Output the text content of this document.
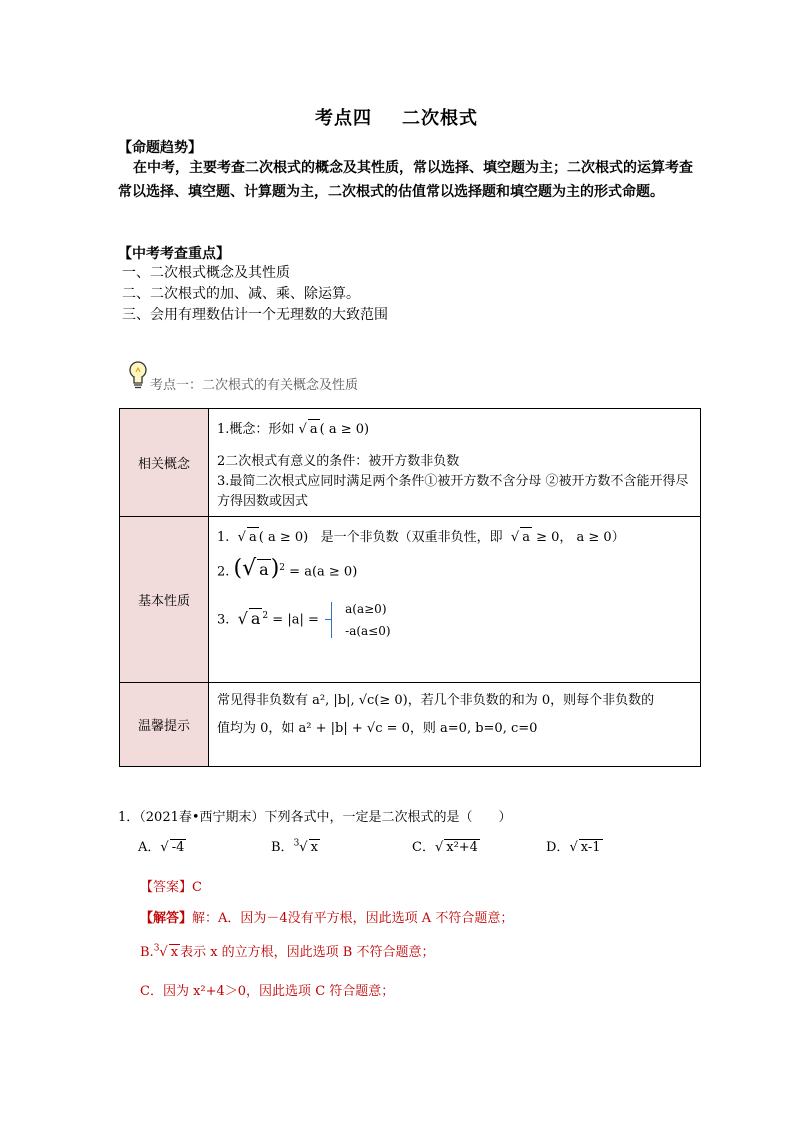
考点四 二次根式
【命题趋势】
在中考，主要考查二次根式的概念及其性质，常以选择、填空题为主；二次根式的运算考查常以选择、填空题、计算题为主，二次根式的估值常以选择题和填空题为主的形式命题。
【中考考查重点】
一、二次根式概念及其性质
二、二次根式的加、减、乘、除运算。
三、会用有理数估计一个无理数的大致范围
考点一：二次根式的有关概念及性质
相关概念	1.概念：形如 √ a ( a ≥ 0)
2二次根式有意义的条件：被开方数非负数
3.最简二次根式应同时满足两个条件①被开方数不含分母 ②被开方数不含能开得尽方得因数或因式

基本性质	1. √ a ( a ≥ 0) 是一个非负数（双重非负性，即 √ a ≥ 0， a ≥ 0）
2. (√ a)$^2$ = a(a ≥ 0)
3. √ a $^2$ = |a| =  a(a≥0)
-a(a≤0)

温馨提示	常见得非负数有 a², |b|, √c(≥ 0)，若几个非负数的和为 0，则每个非负数的
值均为 0，如 a² + |b| + √c = 0，则 a=0, b=0, c=0
1．（2021春•西宁期末）下列各式中，一定是二次根式的是（　　）
A．√ -4	B．$^3$√ x	C．√ x²+4	D．√ x-1
【答案】C
【解答】解：A．因为－4没有平方根，因此选项 A 不符合题意；
B.$^3$√ x 表示 x 的立方根，因此选项 B 不符合题意；
C．因为 x²+4＞0，因此选项 C 符合题意；
